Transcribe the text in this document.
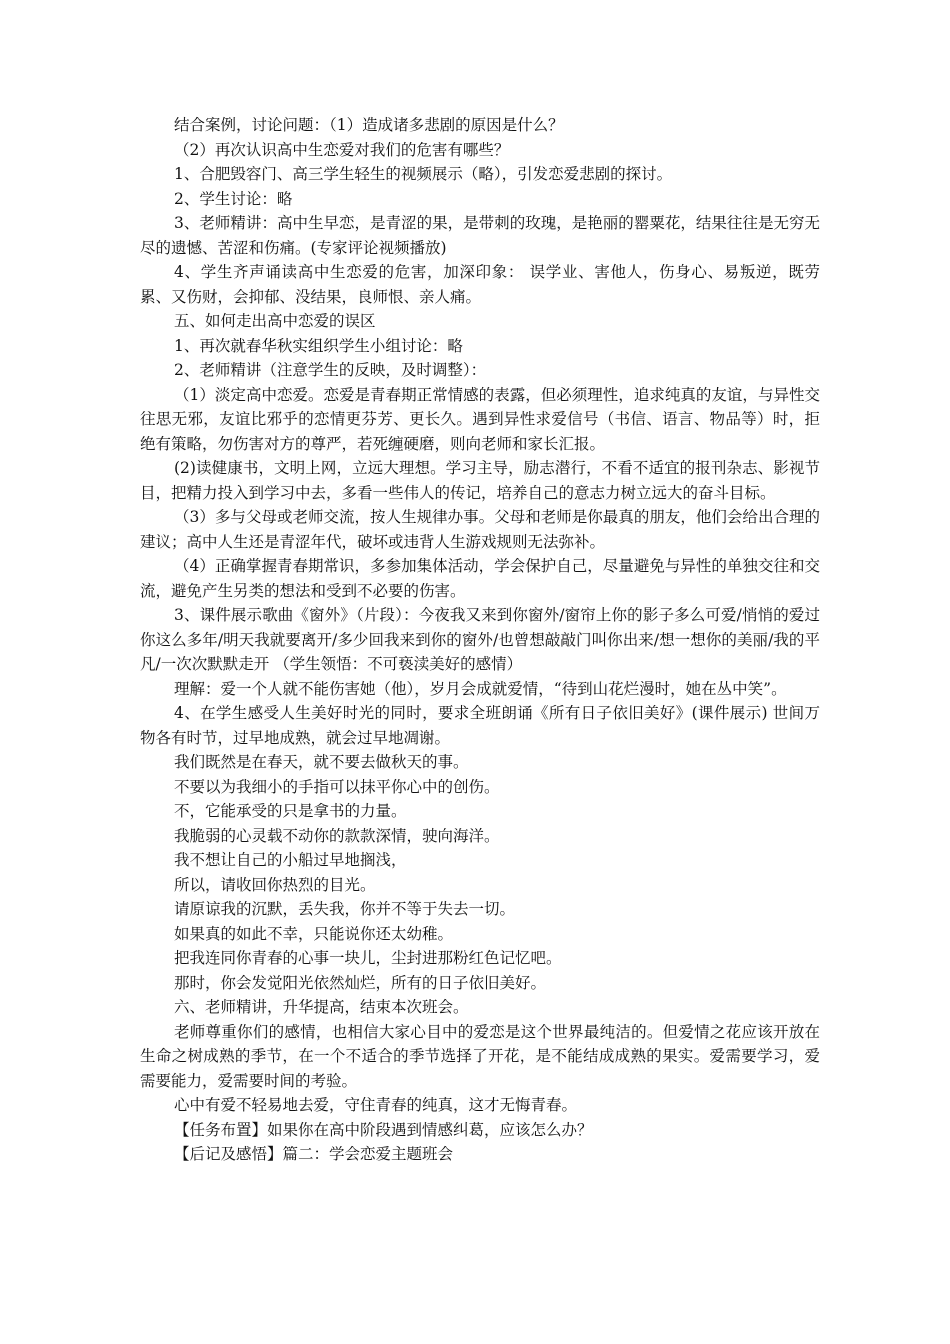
结合案例，讨论问题：（1）造成诸多悲剧的原因是什么？

（2）再次认识高中生恋爱对我们的危害有哪些？

1、合肥毁容门、高三学生轻生的视频展示（略），引发恋爱悲剧的探讨。

2、学生讨论：略

3、老师精讲：高中生早恋，是青涩的果，是带刺的玫瑰，是艳丽的罂粟花，结果往往是无穷无尽的遗憾、苦涩和伤痛。(专家评论视频播放)

4、学生齐声诵读高中生恋爱的危害，加深印象： 误学业、害他人，伤身心、易叛逆，既劳累、又伤财，会抑郁、没结果，良师恨、亲人痛。

五、如何走出高中恋爱的误区

1、再次就春华秋实组织学生小组讨论：略

2、老师精讲（注意学生的反映，及时调整）：

（1）淡定高中恋爱。恋爱是青春期正常情感的表露，但必须理性，追求纯真的友谊，与异性交往思无邪，友谊比邪乎的恋情更芬芳、更长久。遇到异性求爱信号（书信、语言、物品等）时，拒绝有策略，勿伤害对方的尊严，若死缠硬磨，则向老师和家长汇报。

(2)读健康书，文明上网，立远大理想。学习主导，励志潜行，不看不适宜的报刊杂志、影视节目，把精力投入到学习中去，多看一些伟人的传记，培养自己的意志力树立远大的奋斗目标。

（3）多与父母或老师交流，按人生规律办事。父母和老师是你最真的朋友，他们会给出合理的建议；高中人生还是青涩年代，破坏或违背人生游戏规则无法弥补。

（4）正确掌握青春期常识，多参加集体活动，学会保护自己，尽量避免与异性的单独交往和交流，避免产生另类的想法和受到不必要的伤害。

3、课件展示歌曲《窗外》（片段）：今夜我又来到你窗外/窗帘上你的影子多么可爱/悄悄的爱过你这么多年/明天我就要离开/多少回我来到你的窗外/也曾想敲敲门叫你出来/想一想你的美丽/我的平凡/一次次默默走开 （学生领悟：不可亵渎美好的感情）

理解：爱一个人就不能伤害她（他），岁月会成就爱情，“待到山花烂漫时，她在丛中笑”。

4、在学生感受人生美好时光的同时，要求全班朗诵《所有日子依旧美好》(课件展示) 世间万物各有时节，过早地成熟，就会过早地凋谢。

我们既然是在春天，就不要去做秋天的事。

不要以为我细小的手指可以抹平你心中的创伤。

不，它能承受的只是拿书的力量。

我脆弱的心灵载不动你的款款深情，驶向海洋。

我不想让自己的小船过早地搁浅，

所以，请收回你热烈的目光。

请原谅我的沉默，丢失我，你并不等于失去一切。

如果真的如此不幸，只能说你还太幼稚。

把我连同你青春的心事一块儿，尘封进那粉红色记忆吧。

那时，你会发觉阳光依然灿烂，所有的日子依旧美好。

六、老师精讲，升华提高，结束本次班会。

老师尊重你们的感情，也相信大家心目中的爱恋是这个世界最纯洁的。但爱情之花应该开放在生命之树成熟的季节，在一个不适合的季节选择了开花，是不能结成成熟的果实。爱需要学习，爱需要能力，爱需要时间的考验。

心中有爱不轻易地去爱，守住青春的纯真，这才无悔青春。

【任务布置】如果你在高中阶段遇到情感纠葛，应该怎么办？

【后记及感悟】篇二：学会恋爱主题班会
